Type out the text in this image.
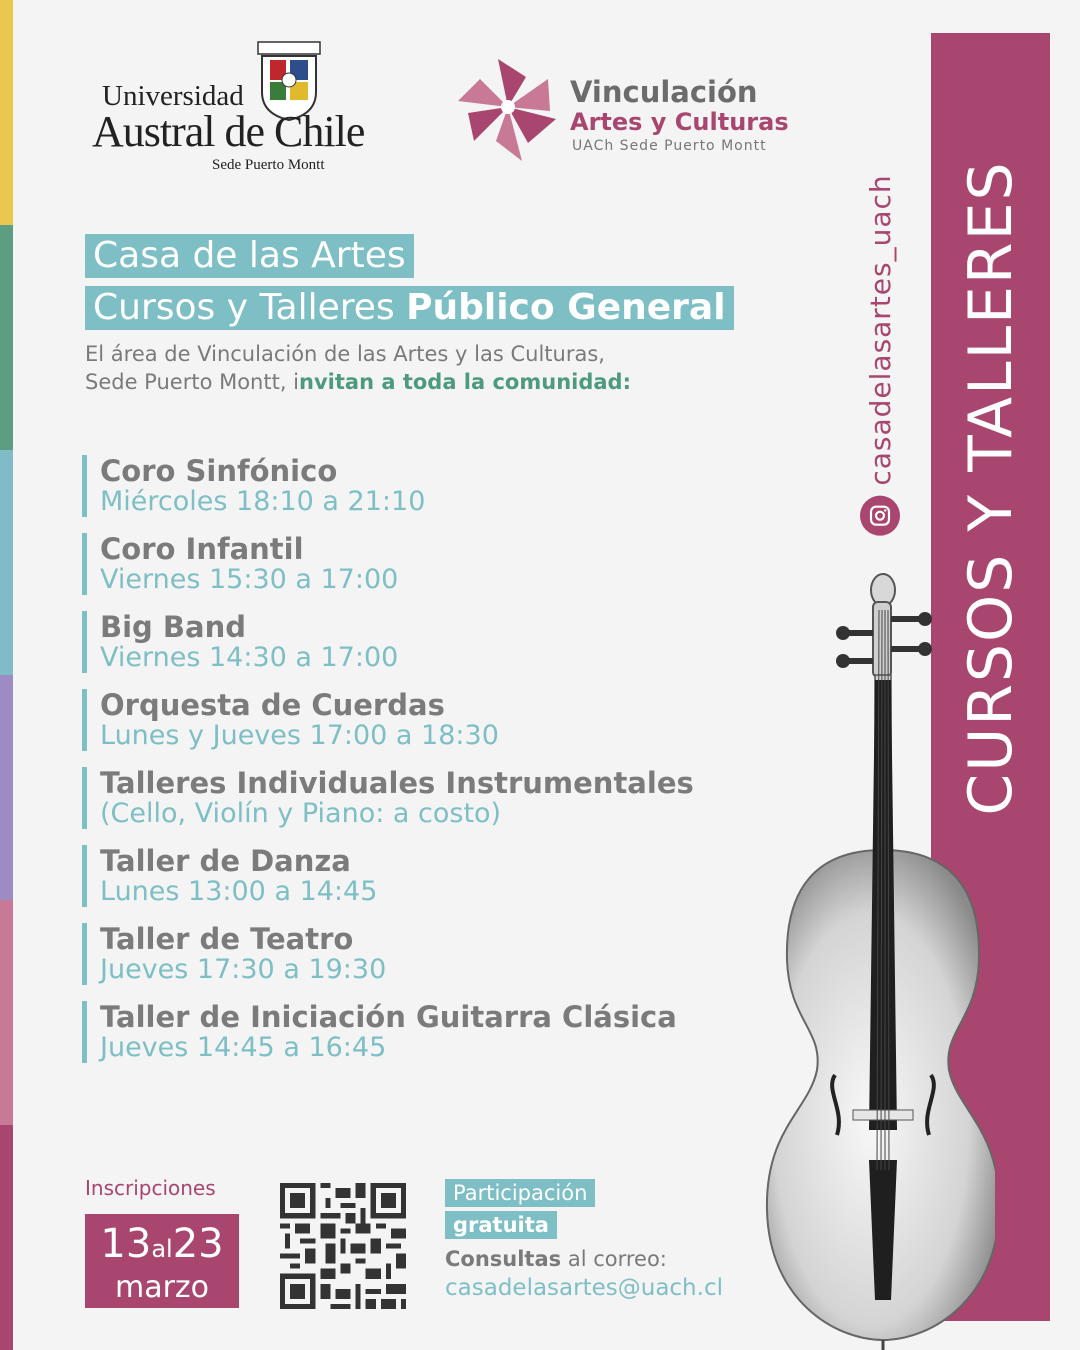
Universidad
Austral de Chile
Sede Puerto Montt
Vinculación
Artes y Culturas
UACh Sede Puerto Montt
Casa de las Artes
Cursos y Talleres Público General
El área de Vinculación de las Artes y las Culturas,
Sede Puerto Montt, invitan a toda la comunidad:
Coro Sinfónico
Miércoles 18:10 a 21:10
Coro Infantil
Viernes 15:30 a 17:00
Big Band
Viernes 14:30 a 17:00
Orquesta de Cuerdas
Lunes y Jueves 17:00 a 18:30
Talleres Individuales Instrumentales
(Cello, Violín y Piano: a costo)
Taller de Danza
Lunes 13:00 a 14:45
Taller de Teatro
Jueves 17:30 a 19:30
Taller de Iniciación Guitarra Clásica
Jueves 14:45 a 16:45
CURSOS Y TALLERES
casadelasartes_uach
Inscripciones
13al23
marzo
Participación
gratuita
Consultas al correo:
casadelasartes@uach.cl
